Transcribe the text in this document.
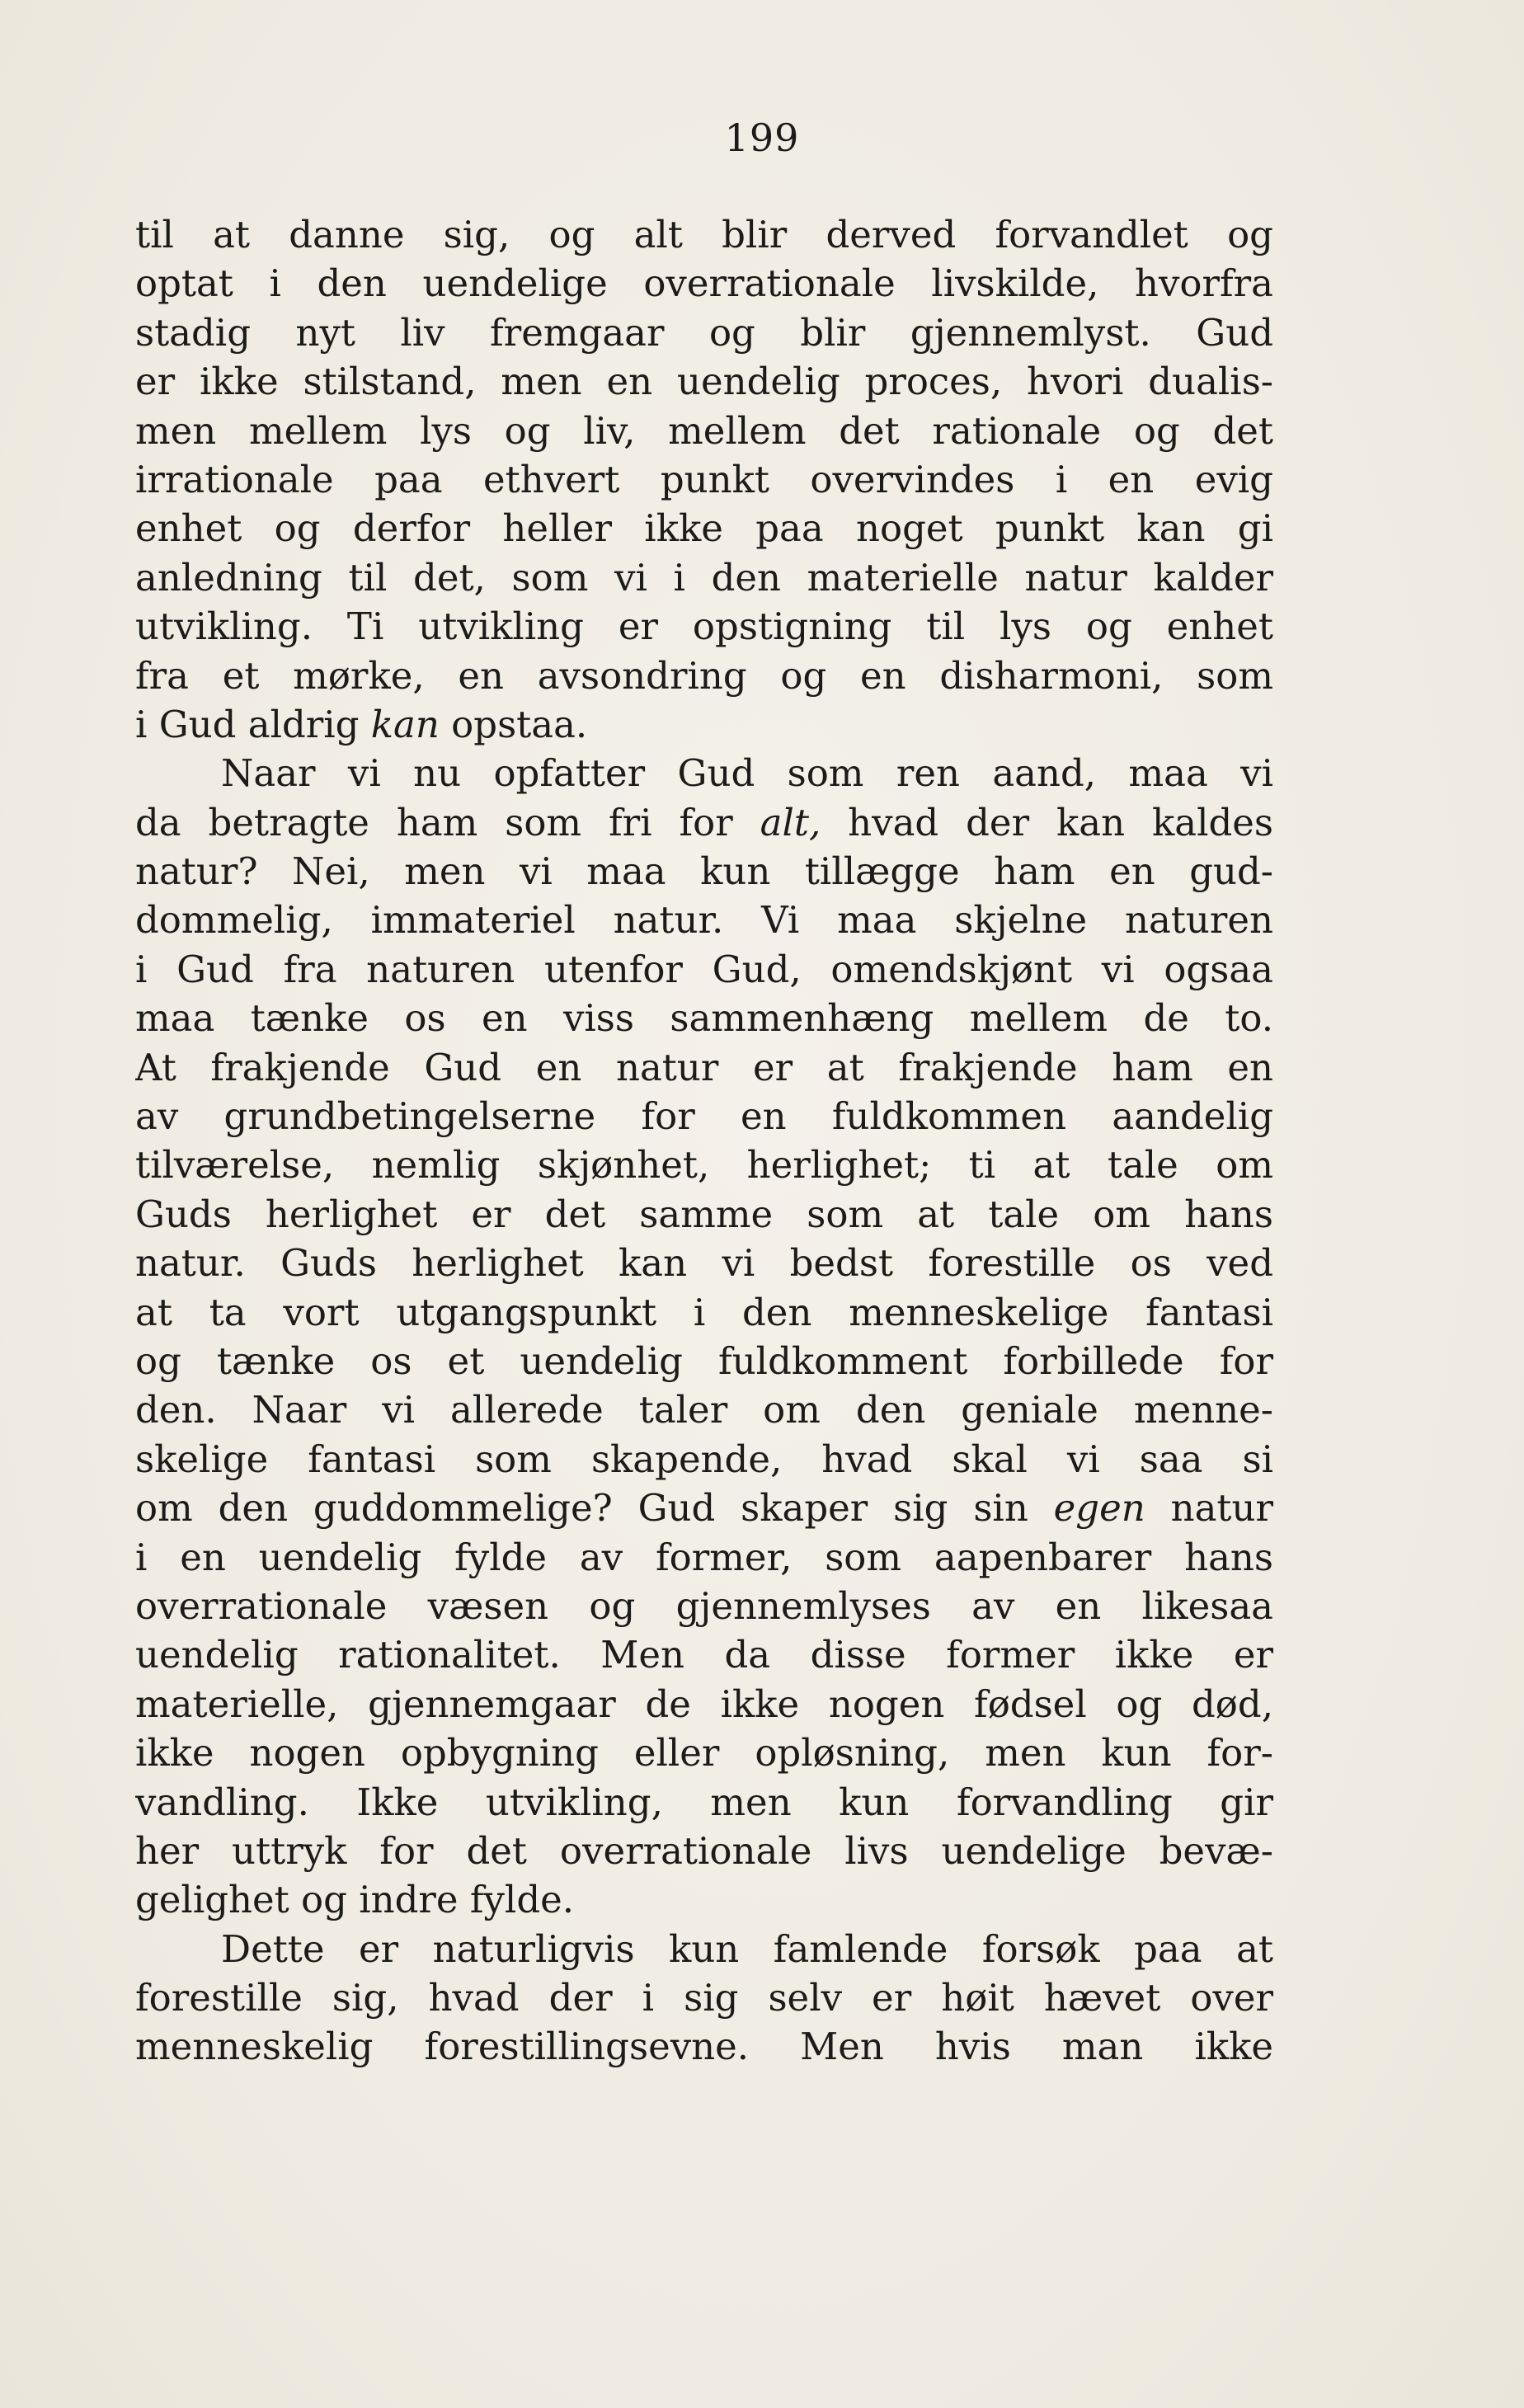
199
til at danne sig, og alt blir derved forvandlet og
optat i den uendelige overrationale livskilde, hvorfra
stadig nyt liv fremgaar og blir gjennemlyst. Gud
er ikke stilstand, men en uendelig proces, hvori dualis-
men mellem lys og liv, mellem det rationale og det
irrationale paa ethvert punkt overvindes i en evig
enhet og derfor heller ikke paa noget punkt kan gi
anledning til det, som vi i den materielle natur kalder
utvikling. Ti utvikling er opstigning til lys og enhet
fra et mørke, en avsondring og en disharmoni, som
i Gud aldrig kan opstaa.
Naar vi nu opfatter Gud som ren aand, maa vi
da betragte ham som fri for alt, hvad der kan kaldes
natur? Nei, men vi maa kun tillægge ham en gud-
dommelig, immateriel natur. Vi maa skjelne naturen
i Gud fra naturen utenfor Gud, omendskjønt vi ogsaa
maa tænke os en viss sammenhæng mellem de to.
At frakjende Gud en natur er at frakjende ham en
av grundbetingelserne for en fuldkommen aandelig
tilværelse, nemlig skjønhet, herlighet; ti at tale om
Guds herlighet er det samme som at tale om hans
natur. Guds herlighet kan vi bedst forestille os ved
at ta vort utgangspunkt i den menneskelige fantasi
og tænke os et uendelig fuldkomment forbillede for
den. Naar vi allerede taler om den geniale menne-
skelige fantasi som skapende, hvad skal vi saa si
om den guddommelige? Gud skaper sig sin egen natur
i en uendelig fylde av former, som aapenbarer hans
overrationale væsen og gjennemlyses av en likesaa
uendelig rationalitet. Men da disse former ikke er
materielle, gjennemgaar de ikke nogen fødsel og død,
ikke nogen opbygning eller opløsning, men kun for-
vandling. Ikke utvikling, men kun forvandling gir
her uttryk for det overrationale livs uendelige bevæ-
gelighet og indre fylde.
Dette er naturligvis kun famlende forsøk paa at
forestille sig, hvad der i sig selv er høit hævet over
menneskelig forestillingsevne. Men hvis man ikke
